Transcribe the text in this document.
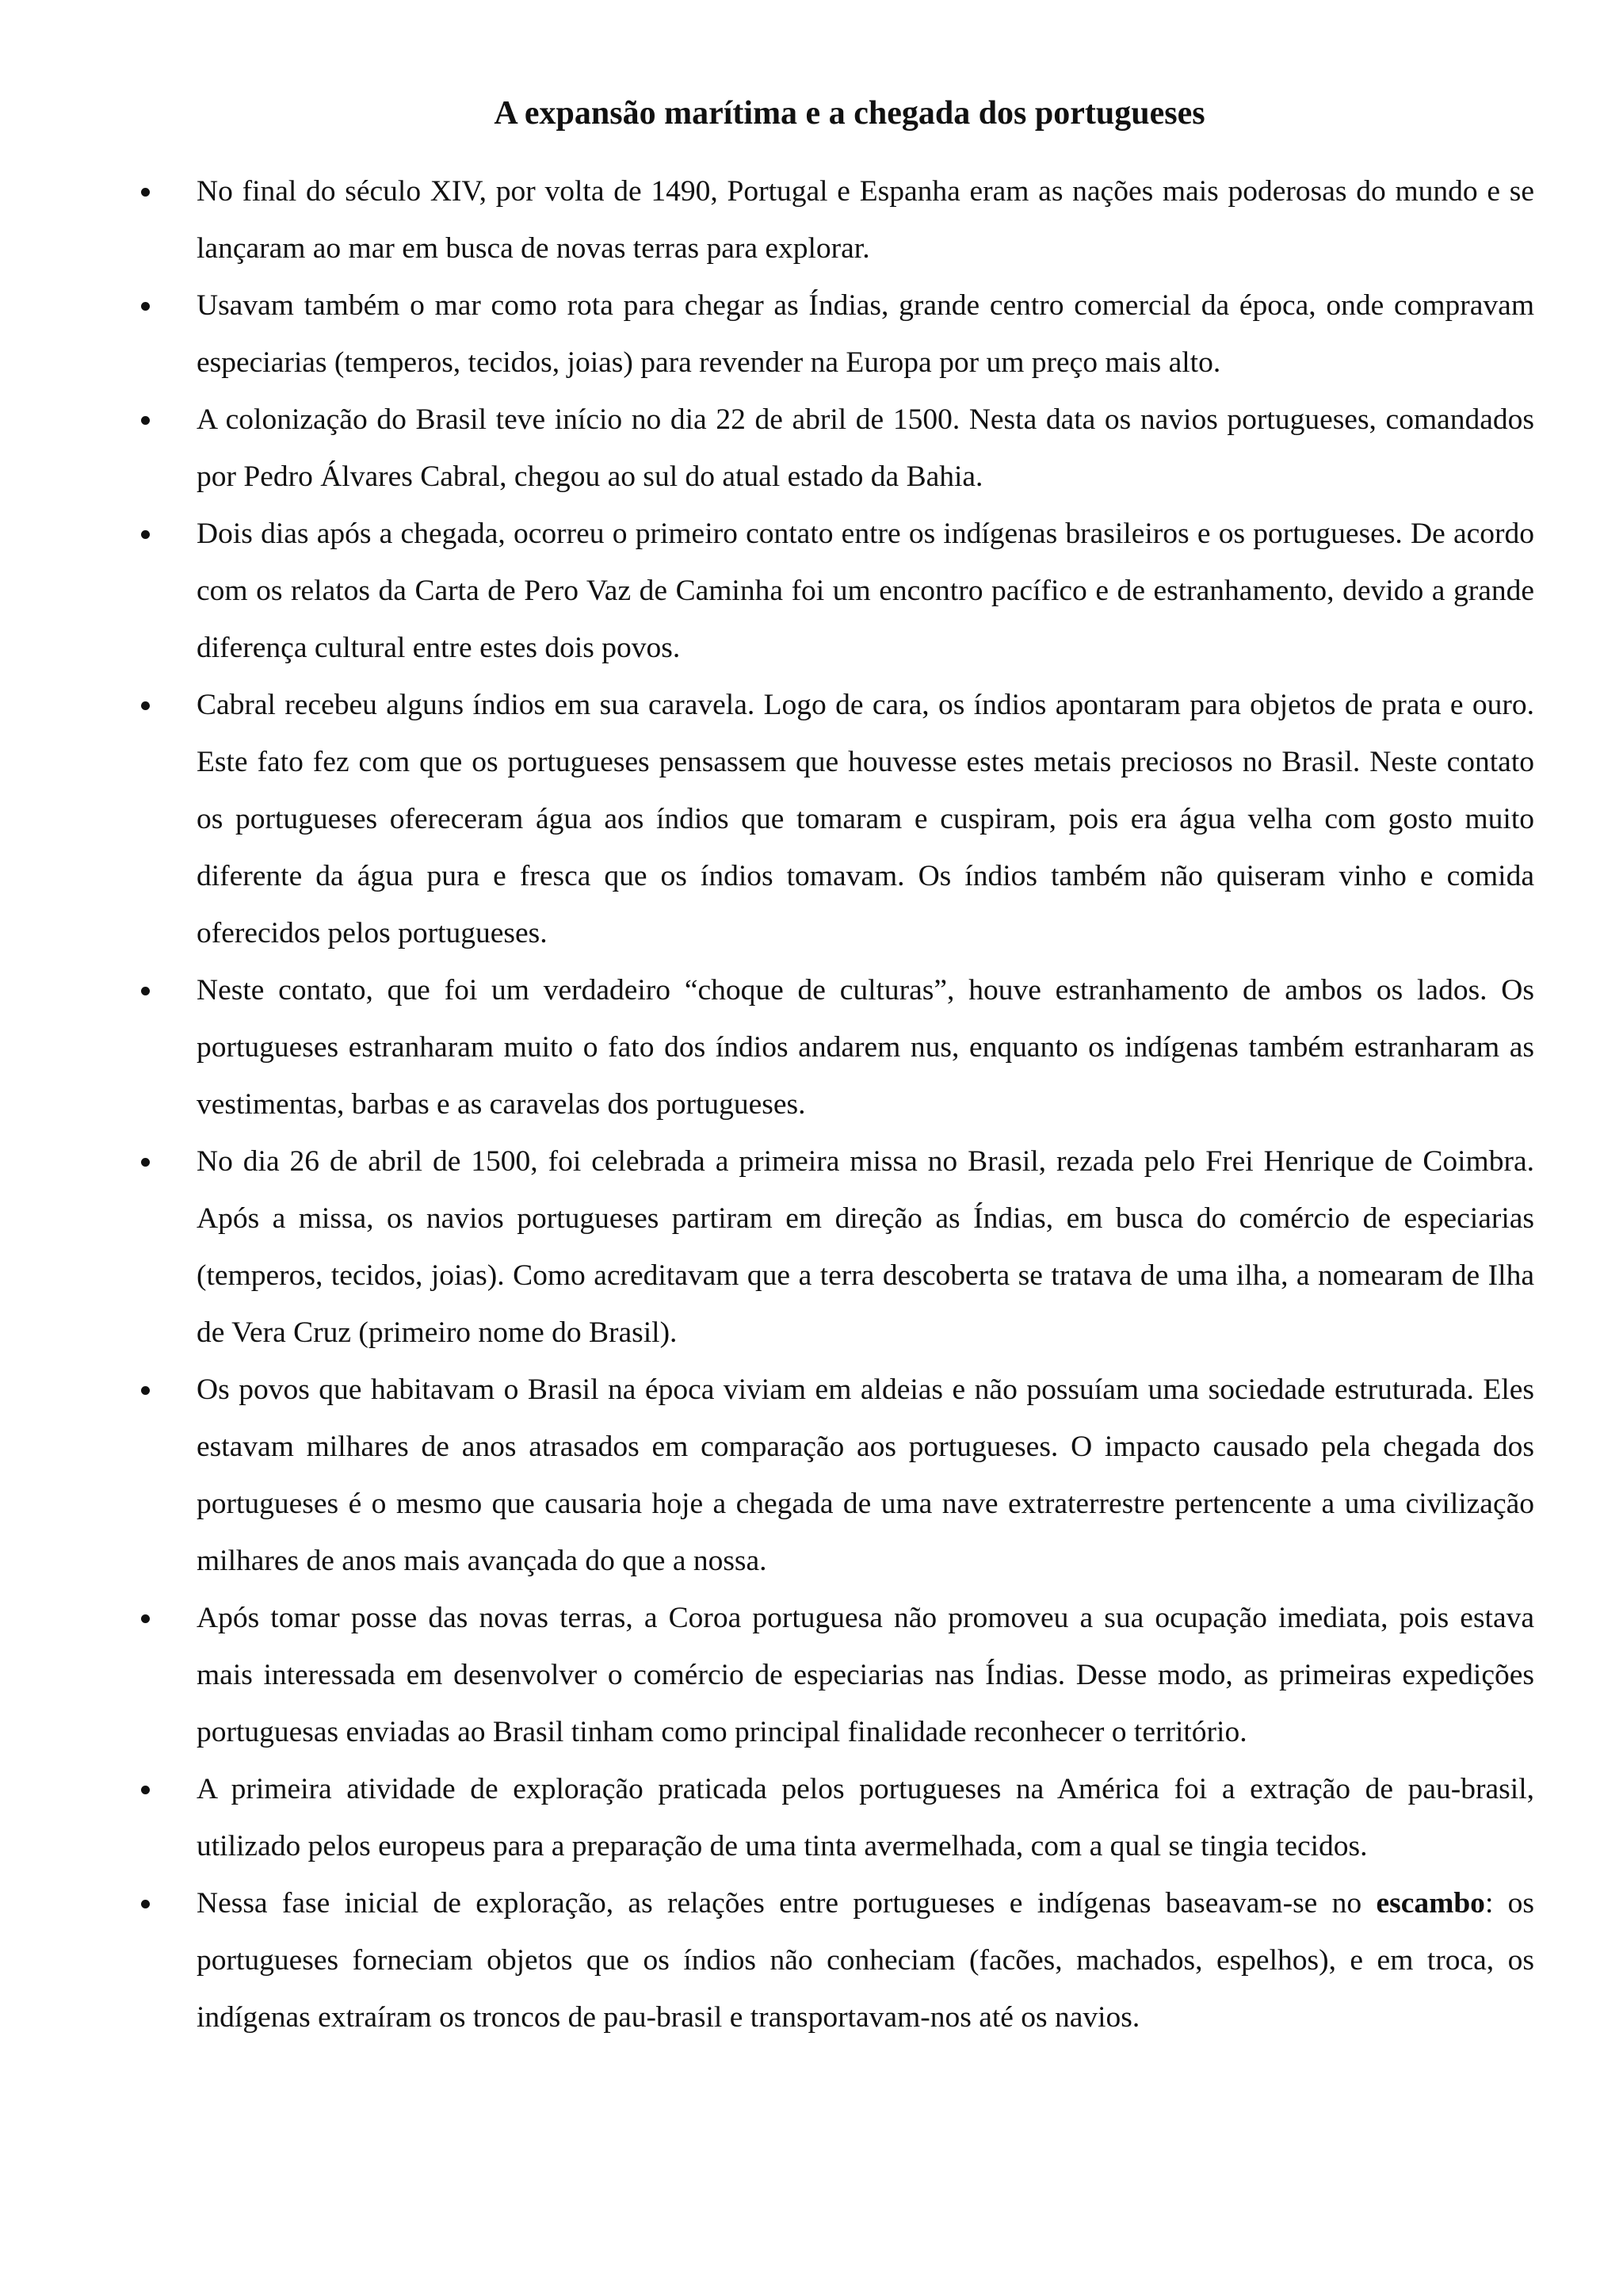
A expansão marítima e a chegada dos portugueses
No final do século XIV, por volta de 1490, Portugal e Espanha eram as nações mais poderosas do mundo e se lançaram ao mar em busca de novas terras para explorar.
Usavam também o mar como rota para chegar as Índias, grande centro comercial da época, onde compravam especiarias (temperos, tecidos, joias) para revender na Europa por um preço mais alto.
A colonização do Brasil teve início no dia 22 de abril de 1500. Nesta data os navios portugueses, comandados por Pedro Álvares Cabral, chegou ao sul do atual estado da Bahia.
Dois dias após a chegada, ocorreu o primeiro contato entre os indígenas brasileiros e os portugueses. De acordo com os relatos da Carta de Pero Vaz de Caminha foi um encontro pacífico e de estranhamento, devido a grande diferença cultural entre estes dois povos.
Cabral recebeu alguns índios em sua caravela. Logo de cara, os índios apontaram para objetos de prata e ouro. Este fato fez com que os portugueses pensassem que houvesse estes metais preciosos no Brasil. Neste contato os portugueses ofereceram água aos índios que tomaram e cuspiram, pois era água velha com gosto muito diferente da água pura e fresca que os índios tomavam. Os índios também não quiseram vinho e comida oferecidos pelos portugueses.
Neste contato, que foi um verdadeiro “choque de culturas”, houve estranhamento de ambos os lados. Os portugueses estranharam muito o fato dos índios andarem nus, enquanto os indígenas também estranharam as vestimentas, barbas e as caravelas dos portugueses.
No dia 26 de abril de 1500, foi celebrada a primeira missa no Brasil, rezada pelo Frei Henrique de Coimbra. Após a missa, os navios portugueses partiram em direção as Índias, em busca do comércio de especiarias (temperos, tecidos, joias). Como acreditavam que a terra descoberta se tratava de uma ilha, a nomearam de Ilha de Vera Cruz (primeiro nome do Brasil).
Os povos que habitavam o Brasil na época viviam em aldeias e não possuíam uma sociedade estruturada. Eles estavam milhares de anos atrasados em comparação aos portugueses. O impacto causado pela chegada dos portugueses é o mesmo que causaria hoje a chegada de uma nave extraterrestre pertencente a uma civilização milhares de anos mais avançada do que a nossa.
Após tomar posse das novas terras, a Coroa portuguesa não promoveu a sua ocupação imediata, pois estava mais interessada em desenvolver o comércio de especiarias nas Índias. Desse modo, as primeiras expedições portuguesas enviadas ao Brasil tinham como principal finalidade reconhecer o território.
A primeira atividade de exploração praticada pelos portugueses na América foi a extração de pau-brasil, utilizado pelos europeus para a preparação de uma tinta avermelhada, com a qual se tingia tecidos.
Nessa fase inicial de exploração, as relações entre portugueses e indígenas baseavam-se no escambo: os portugueses forneciam objetos que os índios não conheciam (facões, machados, espelhos), e em troca, os indígenas extraíram os troncos de pau-brasil e transportavam-nos até os navios.
